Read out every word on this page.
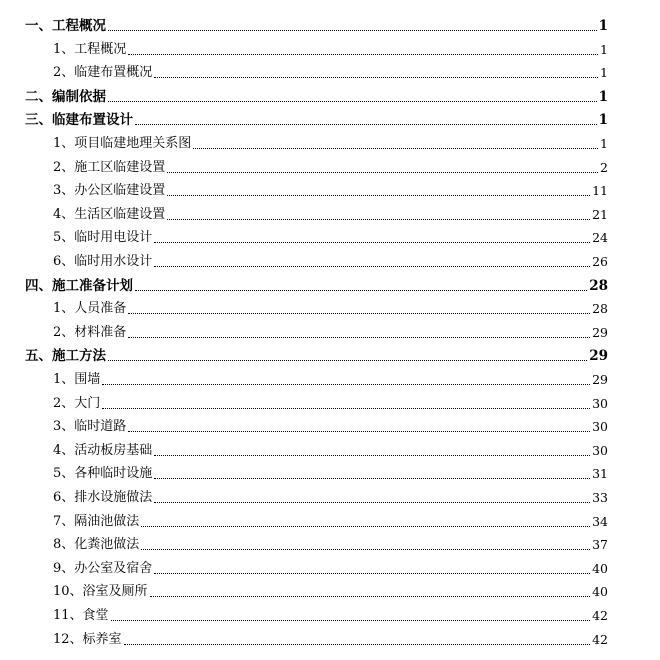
一、工程概况	1
1、工程概况	1
2、临建布置概况	1
二、编制依据	1
三、临建布置设计	1
1、项目临建地理关系图	1
2、施工区临建设置	2
3、办公区临建设置	11
4、生活区临建设置	21
5、临时用电设计	24
6、临时用水设计	26
四、施工准备计划	28
1、人员准备	28
2、材料准备	29
五、施工方法	29
1、围墙	29
2、大门	30
3、临时道路	30
4、活动板房基础	30
5、各种临时设施	31
6、排水设施做法	33
7、隔油池做法	34
8、化粪池做法	37
9、办公室及宿舍	40
10、浴室及厕所	40
11、食堂	42
12、标养室	42
